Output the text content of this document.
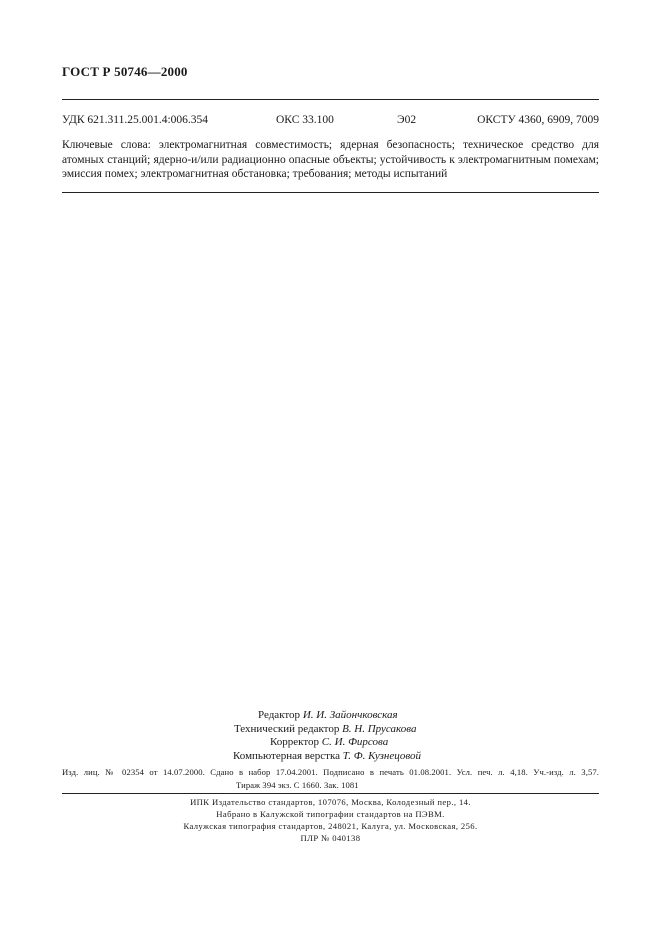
ГОСТ Р 50746—2000
УДК 621.311.25.001.4:006.354	ОКС 33.100	Э02	ОКСТУ 4360, 6909, 7009
Ключевые слова: электромагнитная совместимость; ядерная безопасность; техническое средство для атомных станций; ядерно-и/или радиационно опасные объекты; устойчивость к электромагнитным помехам; эмиссия помех; электромагнитная обстановка; требования; методы испытаний
Редактор И. И. Зайончковская
Технический редактор В. Н. Прусакова
Корректор С. И. Фирсова
Компьютерная верстка Т. Ф. Кузнецовой
Изд. лиц. № 02354 от 14.07.2000. Сдано в набор 17.04.2001. Подписано в печать 01.08.2001. Усл. печ. л. 4,18. Уч.-изд. л. 3,57.
Тираж 394 экз. С 1660. Зак. 1081
ИПК Издательство стандартов, 107076, Москва, Колодезный пер., 14.
Набрано в Калужской типографии стандартов на ПЭВМ.
Калужская типография стандартов, 248021, Калуга, ул. Московская, 256.
ПЛР № 040138
